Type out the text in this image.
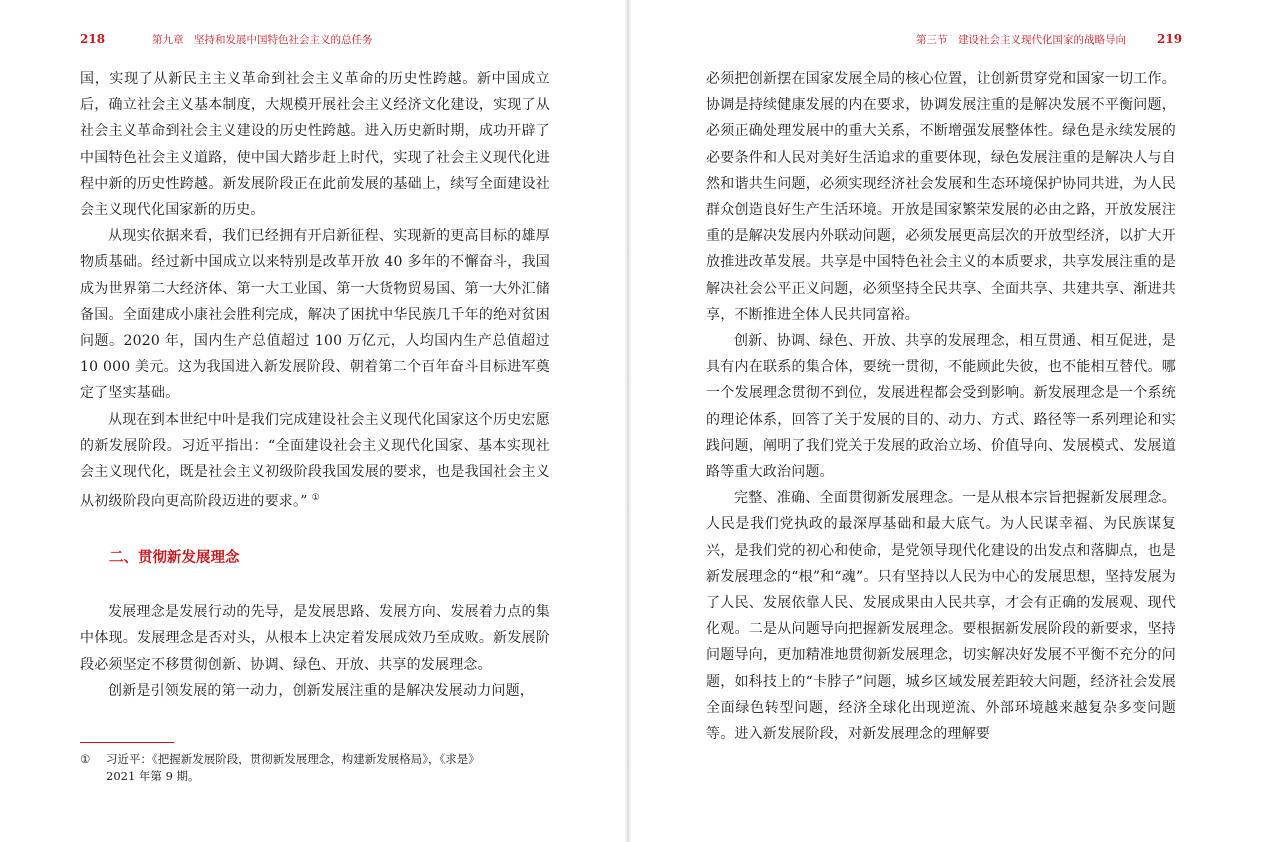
218	第九章　坚持和发展中国特色社会主义的总任务

国，实现了从新民主主义革命到社会主义革命的历史性跨越。新中国成立后，确立社会主义基本制度，大规模开展社会主义经济文化建设，实现了从社会主义革命到社会主义建设的历史性跨越。进入历史新时期，成功开辟了中国特色社会主义道路，使中国大踏步赶上时代，实现了社会主义现代化进程中新的历史性跨越。新发展阶段正在此前发展的基础上，续写全面建设社会主义现代化国家新的历史。

从现实依据来看，我们已经拥有开启新征程、实现新的更高目标的雄厚物质基础。经过新中国成立以来特别是改革开放 40 多年的不懈奋斗，我国成为世界第二大经济体、第一大工业国、第一大货物贸易国、第一大外汇储备国。全面建成小康社会胜利完成，解决了困扰中华民族几千年的绝对贫困问题。2020 年，国内生产总值超过 100 万亿元，人均国内生产总值超过 10 000 美元。这为我国进入新发展阶段、朝着第二个百年奋斗目标进军奠定了坚实基础。

从现在到本世纪中叶是我们完成建设社会主义现代化国家这个历史宏愿的新发展阶段。习近平指出：“全面建设社会主义现代化国家、基本实现社会主义现代化，既是社会主义初级阶段我国发展的要求，也是我国社会主义从初级阶段向更高阶段迈进的要求。” ①

二、贯彻新发展理念

发展理念是发展行动的先导，是发展思路、发展方向、发展着力点的集中体现。发展理念是否对头，从根本上决定着发展成效乃至成败。新发展阶段必须坚定不移贯彻创新、协调、绿色、开放、共享的发展理念。

创新是引领发展的第一动力，创新发展注重的是解决发展动力问题，

① 习近平：《把握新发展阶段，贯彻新发展理念，构建新发展格局》，《求是》
2021 年第 9 期。
第三节　建设社会主义现代化国家的战略导向	219

必须把创新摆在国家发展全局的核心位置，让创新贯穿党和国家一切工作。协调是持续健康发展的内在要求，协调发展注重的是解决发展不平衡问题，必须正确处理发展中的重大关系，不断增强发展整体性。绿色是永续发展的必要条件和人民对美好生活追求的重要体现，绿色发展注重的是解决人与自然和谐共生问题，必须实现经济社会发展和生态环境保护协同共进，为人民群众创造良好生产生活环境。开放是国家繁荣发展的必由之路，开放发展注重的是解决发展内外联动问题，必须发展更高层次的开放型经济，以扩大开放推进改革发展。共享是中国特色社会主义的本质要求，共享发展注重的是解决社会公平正义问题，必须坚持全民共享、全面共享、共建共享、渐进共享，不断推进全体人民共同富裕。

创新、协调、绿色、开放、共享的发展理念，相互贯通、相互促进，是具有内在联系的集合体，要统一贯彻，不能顾此失彼，也不能相互替代。哪一个发展理念贯彻不到位，发展进程都会受到影响。新发展理念是一个系统的理论体系，回答了关于发展的目的、动力、方式、路径等一系列理论和实践问题，阐明了我们党关于发展的政治立场、价值导向、发展模式、发展道路等重大政治问题。

完整、准确、全面贯彻新发展理念。一是从根本宗旨把握新发展理念。人民是我们党执政的最深厚基础和最大底气。为人民谋幸福、为民族谋复兴，是我们党的初心和使命，是党领导现代化建设的出发点和落脚点，也是新发展理念的“根”和“魂”。只有坚持以人民为中心的发展思想，坚持发展为了人民、发展依靠人民、发展成果由人民共享，才会有正确的发展观、现代化观。二是从问题导向把握新发展理念。要根据新发展阶段的新要求，坚持问题导向，更加精准地贯彻新发展理念，切实解决好发展不平衡不充分的问题，如科技上的“卡脖子”问题，城乡区域发展差距较大问题，经济社会发展全面绿色转型问题，经济全球化出现逆流、外部环境越来越复杂多变问题等。进入新发展阶段，对新发展理念的理解要
